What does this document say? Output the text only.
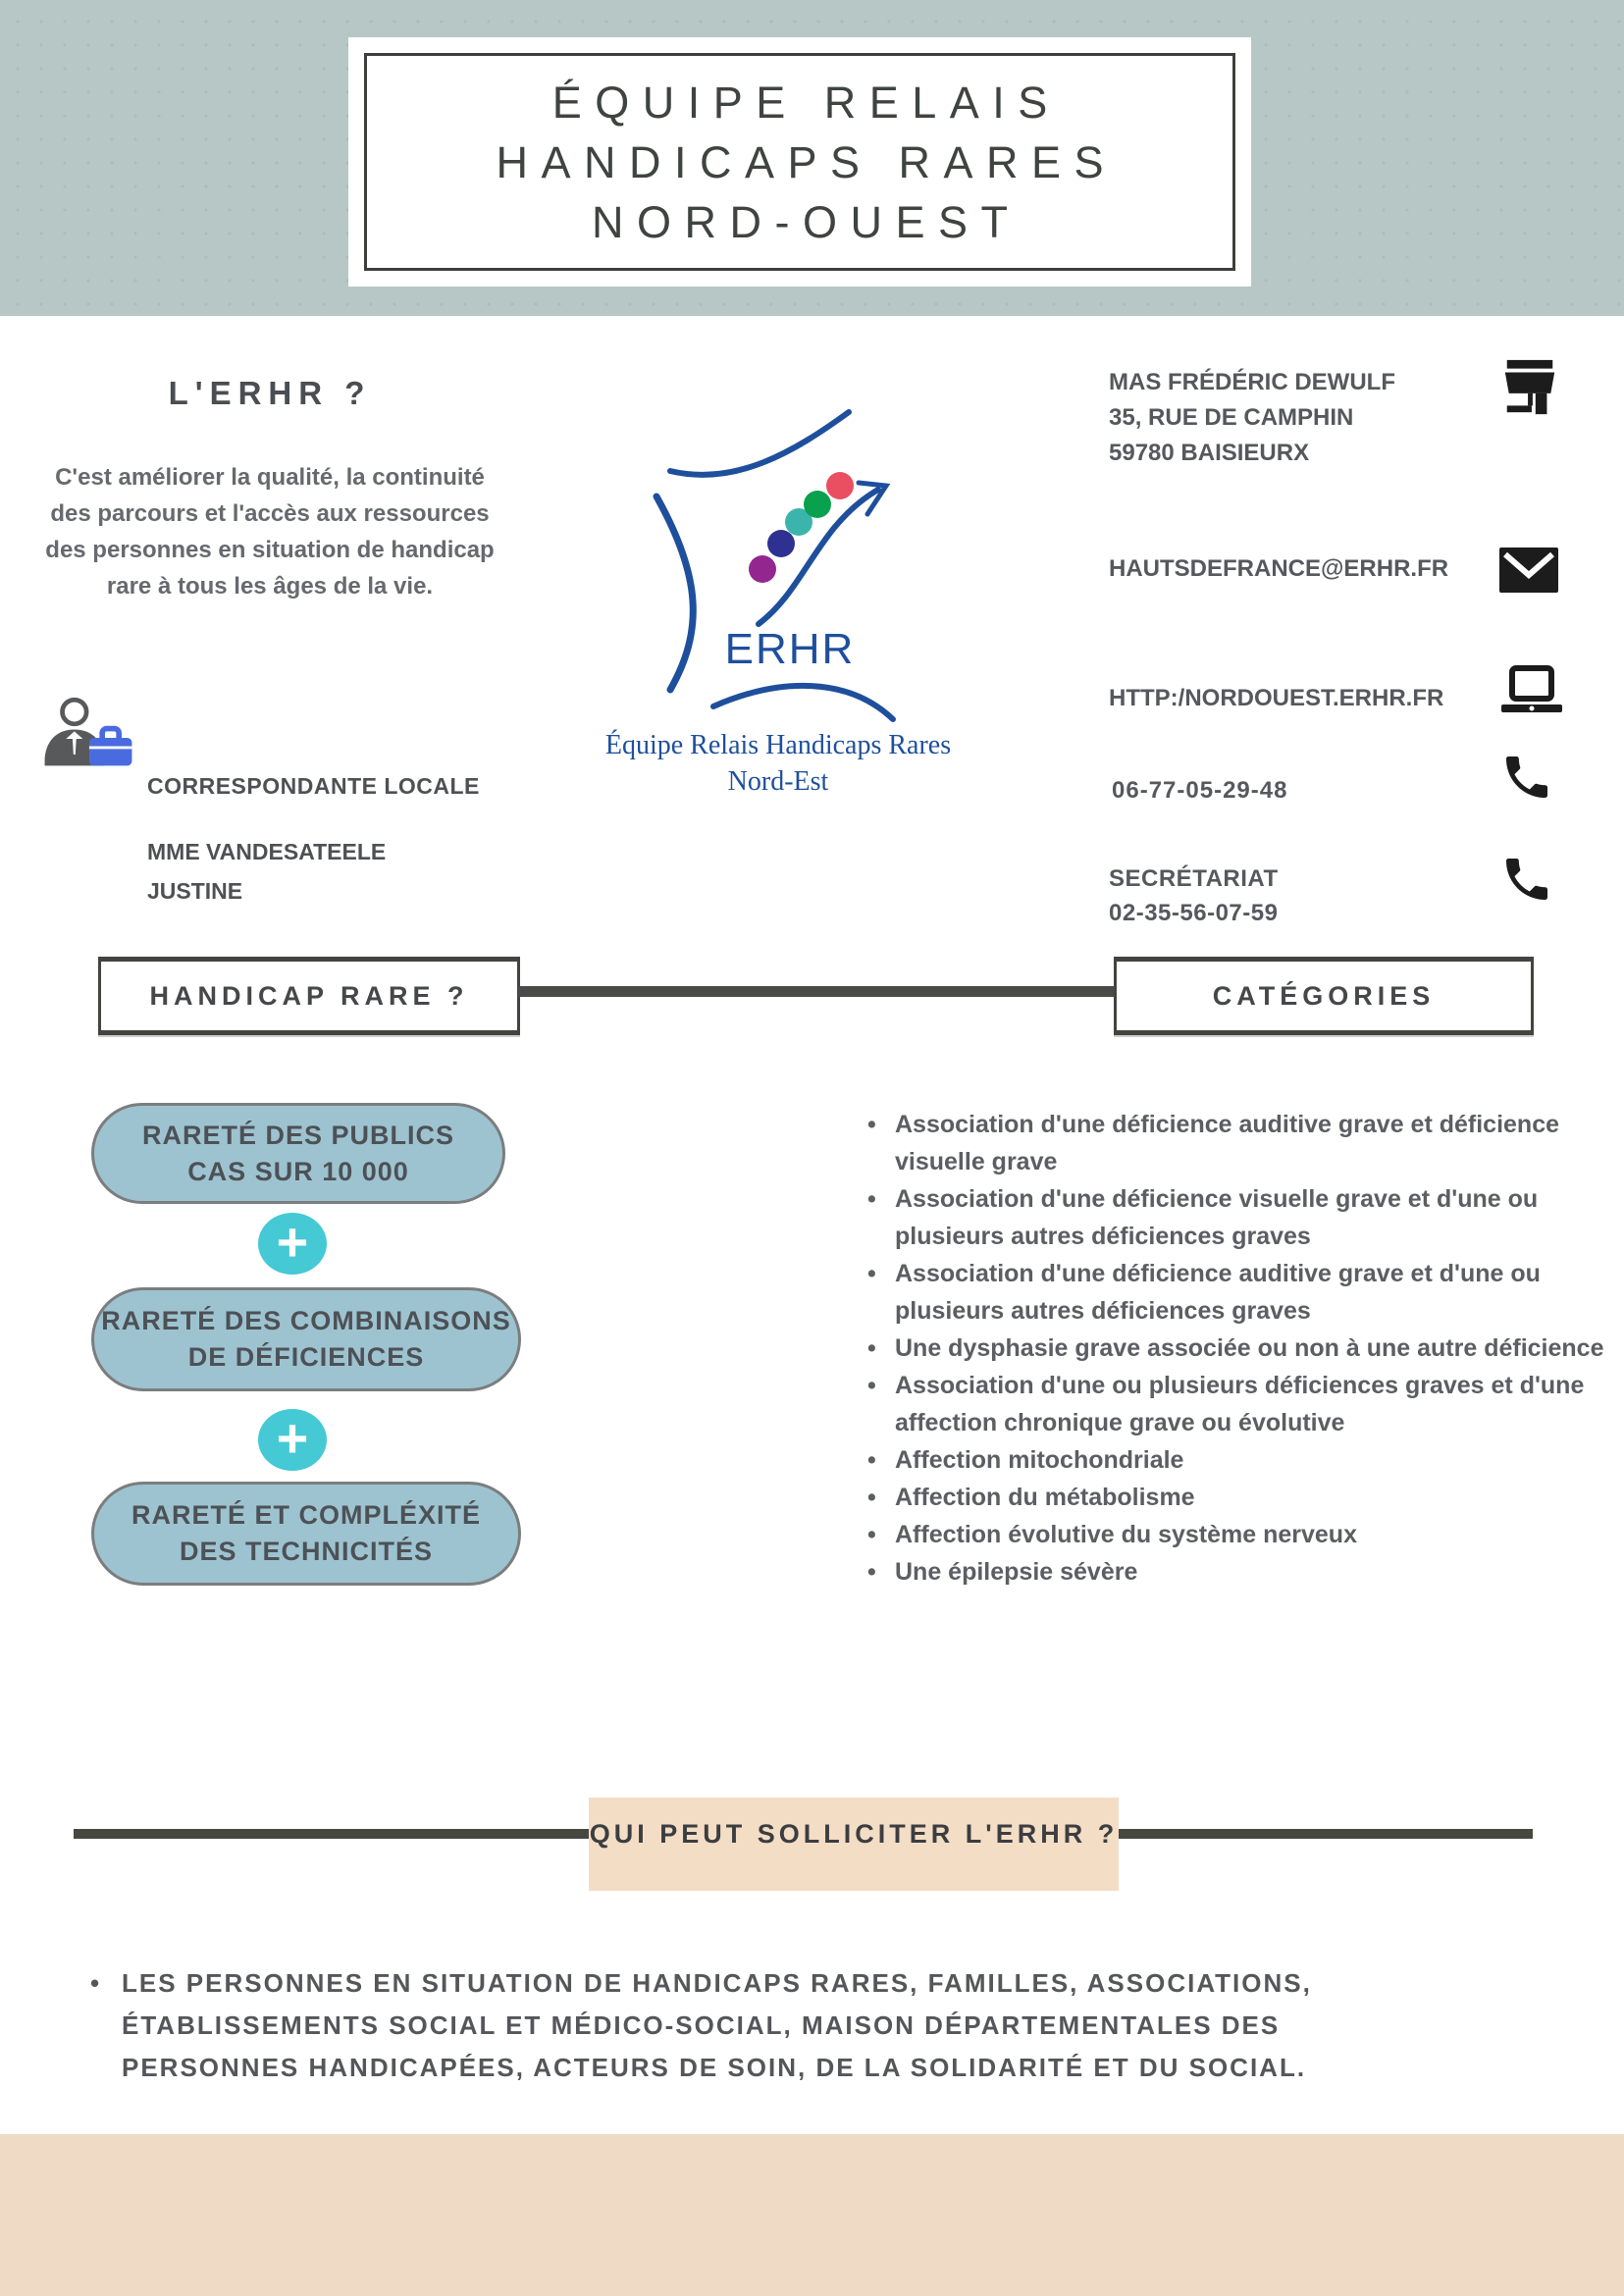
ÉQUIPE RELAIS
HANDICAPS RARES
NORD-OUEST
L'ERHR ?
C'est améliorer la qualité, la continuité des parcours et l'accès aux ressources des personnes en situation de handicap rare à tous les âges de la vie.
CORRESPONDANTE LOCALE
MME VANDESATEELE
JUSTINE
ERHR
Équipe Relais Handicaps Rares
Nord-Est
MAS FRÉDÉRIC DEWULF
35, RUE DE CAMPHIN
59780 BAISIEURX
HAUTSDEFRANCE@ERHR.FR
HTTP:/NORDOUEST.ERHR.FR
06-77-05-29-48
SECRÉTARIAT
02-35-56-07-59
HANDICAP RARE ?	CATÉGORIES
RARETÉ DES PUBLICS
CAS SUR 10 000
+
RARETÉ DES COMBINAISONS
DE DÉFICIENCES
+
RARETÉ ET COMPLÉXITÉ
DES TECHNICITÉS
• Association d'une déficience auditive grave et déficience visuelle grave
• Association d'une déficience visuelle grave et d'une ou plusieurs autres déficiences graves
• Association d'une déficience auditive grave et d'une ou plusieurs autres déficiences graves
• Une dysphasie grave associée ou non à une autre déficience
• Association d'une ou plusieurs déficiences graves et d'une affection chronique grave ou évolutive
• Affection mitochondriale
• Affection du métabolisme
• Affection évolutive du système nerveux
• Une épilepsie sévère
QUI PEUT SOLLICITER L'ERHR ?
• LES PERSONNES EN SITUATION DE HANDICAPS RARES, FAMILLES, ASSOCIATIONS, ÉTABLISSEMENTS SOCIAL ET MÉDICO-SOCIAL, MAISON DÉPARTEMENTALES DES PERSONNES HANDICAPÉES, ACTEURS DE SOIN, DE LA SOLIDARITÉ ET DU SOCIAL.
